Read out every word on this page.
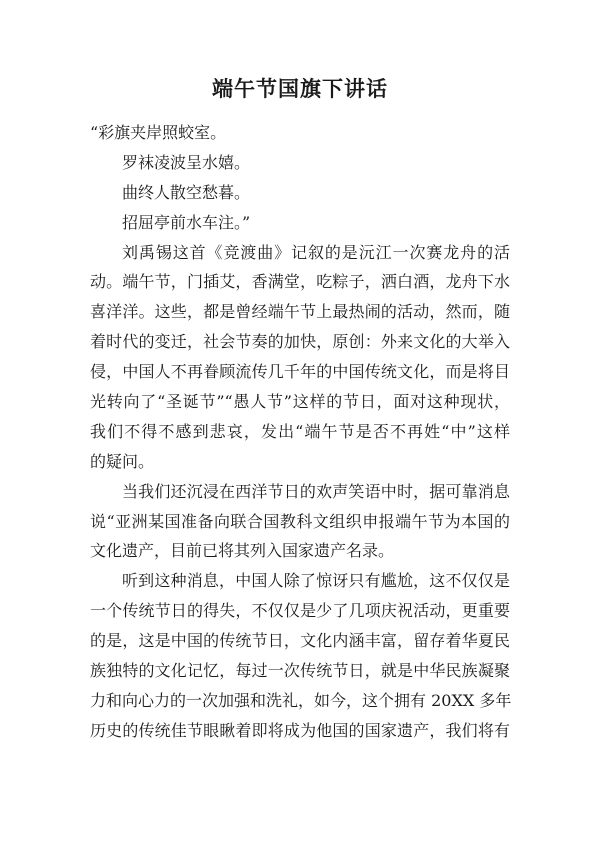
端午节国旗下讲话
“彩旗夹岸照蛟室。
罗袜凌波呈水嬉。
曲终人散空愁暮。
招屈亭前水车注。”
刘禹锡这首《竞渡曲》记叙的是沅江一次赛龙舟的活
动。端午节，门插艾，香满堂，吃粽子，洒白酒，龙舟下水
喜洋洋。这些，都是曾经端午节上最热闹的活动，然而，随
着时代的变迁，社会节奏的加快，原创：外来文化的大举入
侵，中国人不再眷顾流传几千年的中国传统文化，而是将目
光转向了“圣诞节”“愚人节”这样的节日，面对这种现状，
我们不得不感到悲哀，发出“端午节是否不再姓“中”这样
的疑问。
当我们还沉浸在西洋节日的欢声笑语中时，据可靠消息
说“亚洲某国准备向联合国教科文组织申报端午节为本国的
文化遗产，目前已将其列入国家遗产名录。
听到这种消息，中国人除了惊讶只有尴尬，这不仅仅是
一个传统节日的得失，不仅仅是少了几项庆祝活动，更重要
的是，这是中国的传统节日，文化内涵丰富，留存着华夏民
族独特的文化记忆，每过一次传统节日，就是中华民族凝聚
力和向心力的一次加强和洗礼，如今，这个拥有 20XX 多年
历史的传统佳节眼瞅着即将成为他国的国家遗产，我们将有
